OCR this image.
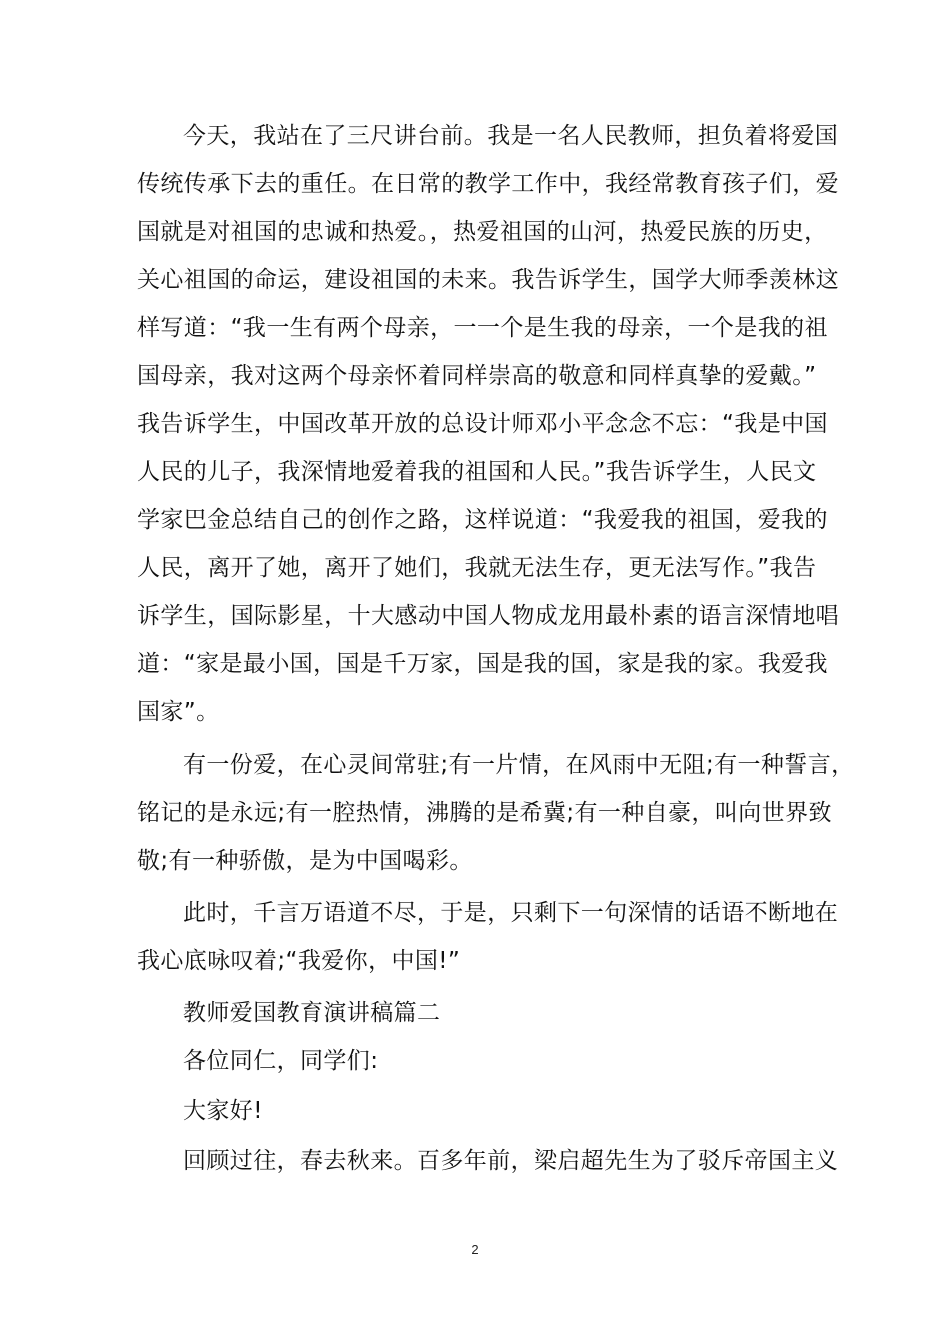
今天，我站在了三尺讲台前。我是一名人民教师，担负着将爱国
传统传承下去的重任。在日常的教学工作中，我经常教育孩子们，爱
国就是对祖国的忠诚和热爱。，热爱祖国的山河，热爱民族的历史，
关心祖国的命运，建设祖国的未来。我告诉学生，国学大师季羡林这
样写道：“我一生有两个母亲，一一个是生我的母亲，一个是我的祖
国母亲，我对这两个母亲怀着同样崇高的敬意和同样真挚的爱戴。”
我告诉学生，中国改革开放的总设计师邓小平念念不忘：“我是中国
人民的儿子，我深情地爱着我的祖国和人民。”我告诉学生，人民文
学家巴金总结自己的创作之路，这样说道：“我爱我的祖国，爱我的
人民，离开了她，离开了她们，我就无法生存，更无法写作。”我告
诉学生，国际影星，十大感动中国人物成龙用最朴素的语言深情地唱
道：“家是最小国，国是千万家，国是我的国，家是我的家。我爱我
国家”。
有一份爱，在心灵间常驻;有一片情，在风雨中无阻;有一种誓言，
铭记的是永远;有一腔热情，沸腾的是希冀;有一种自豪，叫向世界致
敬;有一种骄傲，是为中国喝彩。
此时，千言万语道不尽，于是，只剩下一句深情的话语不断地在
我心底咏叹着;“我爱你，中国!”
教师爱国教育演讲稿篇二
各位同仁，同学们:
大家好!
回顾过往，春去秋来。百多年前，梁启超先生为了驳斥帝国主义
2
